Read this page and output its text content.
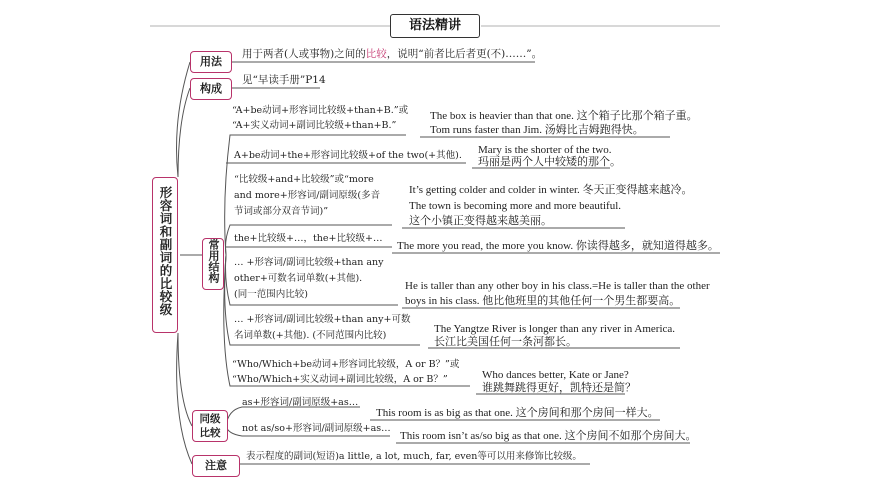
语法精讲
形容词和副词的比较级
用法
用于两者(人或事物)之间的比较，说明“前者比后者更(不)……”。
构成
见“早读手册”P14
常用结构
“A+be动词+形容词比较级+than+B.”或
“A+实义动词+副词比较级+than+B.”
The box is heavier than that one. 这个箱子比那个箱子重。
Tom runs faster than Jim. 汤姆比吉姆跑得快。
A+be动词+the+形容词比较级+of the two(+其他). Mary is the shorter of the two.
玛丽是两个人中较矮的那个。
“比较级+and+比较级”或“more
and more+形容词/副词原级(多音
节词或部分双音节词)”
It’s getting colder and colder in winter. 冬天正变得越来越冷。
The town is becoming more and more beautiful.
这个小镇正变得越来越美丽。
the+比较级+…，the+比较级+…
The more you read, the more you know. 你读得越多，就知道得越多。
… +形容词/副词比较级+than any
other+可数名词单数(+其他).
(同一范围内比较)
He is taller than any other boy in his class.=He is taller than the other
boys in his class. 他比他班里的其他任何一个男生都要高。
… +形容词/副词比较级+than any+可数
名词单数(+其他). (不同范围内比较)
The Yangtze River is longer than any river in America.
长江比美国任何一条河都长。
“Who/Which+be动词+形容词比较级，A or B？”或
“Who/Which+实义动词+副词比较级，A or B？”	Who dances better, Kate or Jane?
谁跳舞跳得更好，凯特还是简？
同级比较
as+形容词/副词原级+as…
This room is as big as that one. 这个房间和那个房间一样大。
not as/so+形容词/副词原级+as…
This room isn’t as/so big as that one. 这个房间不如那个房间大。
注意
表示程度的副词(短语)a little, a lot, much, far, even等可以用来修饰比较级。
